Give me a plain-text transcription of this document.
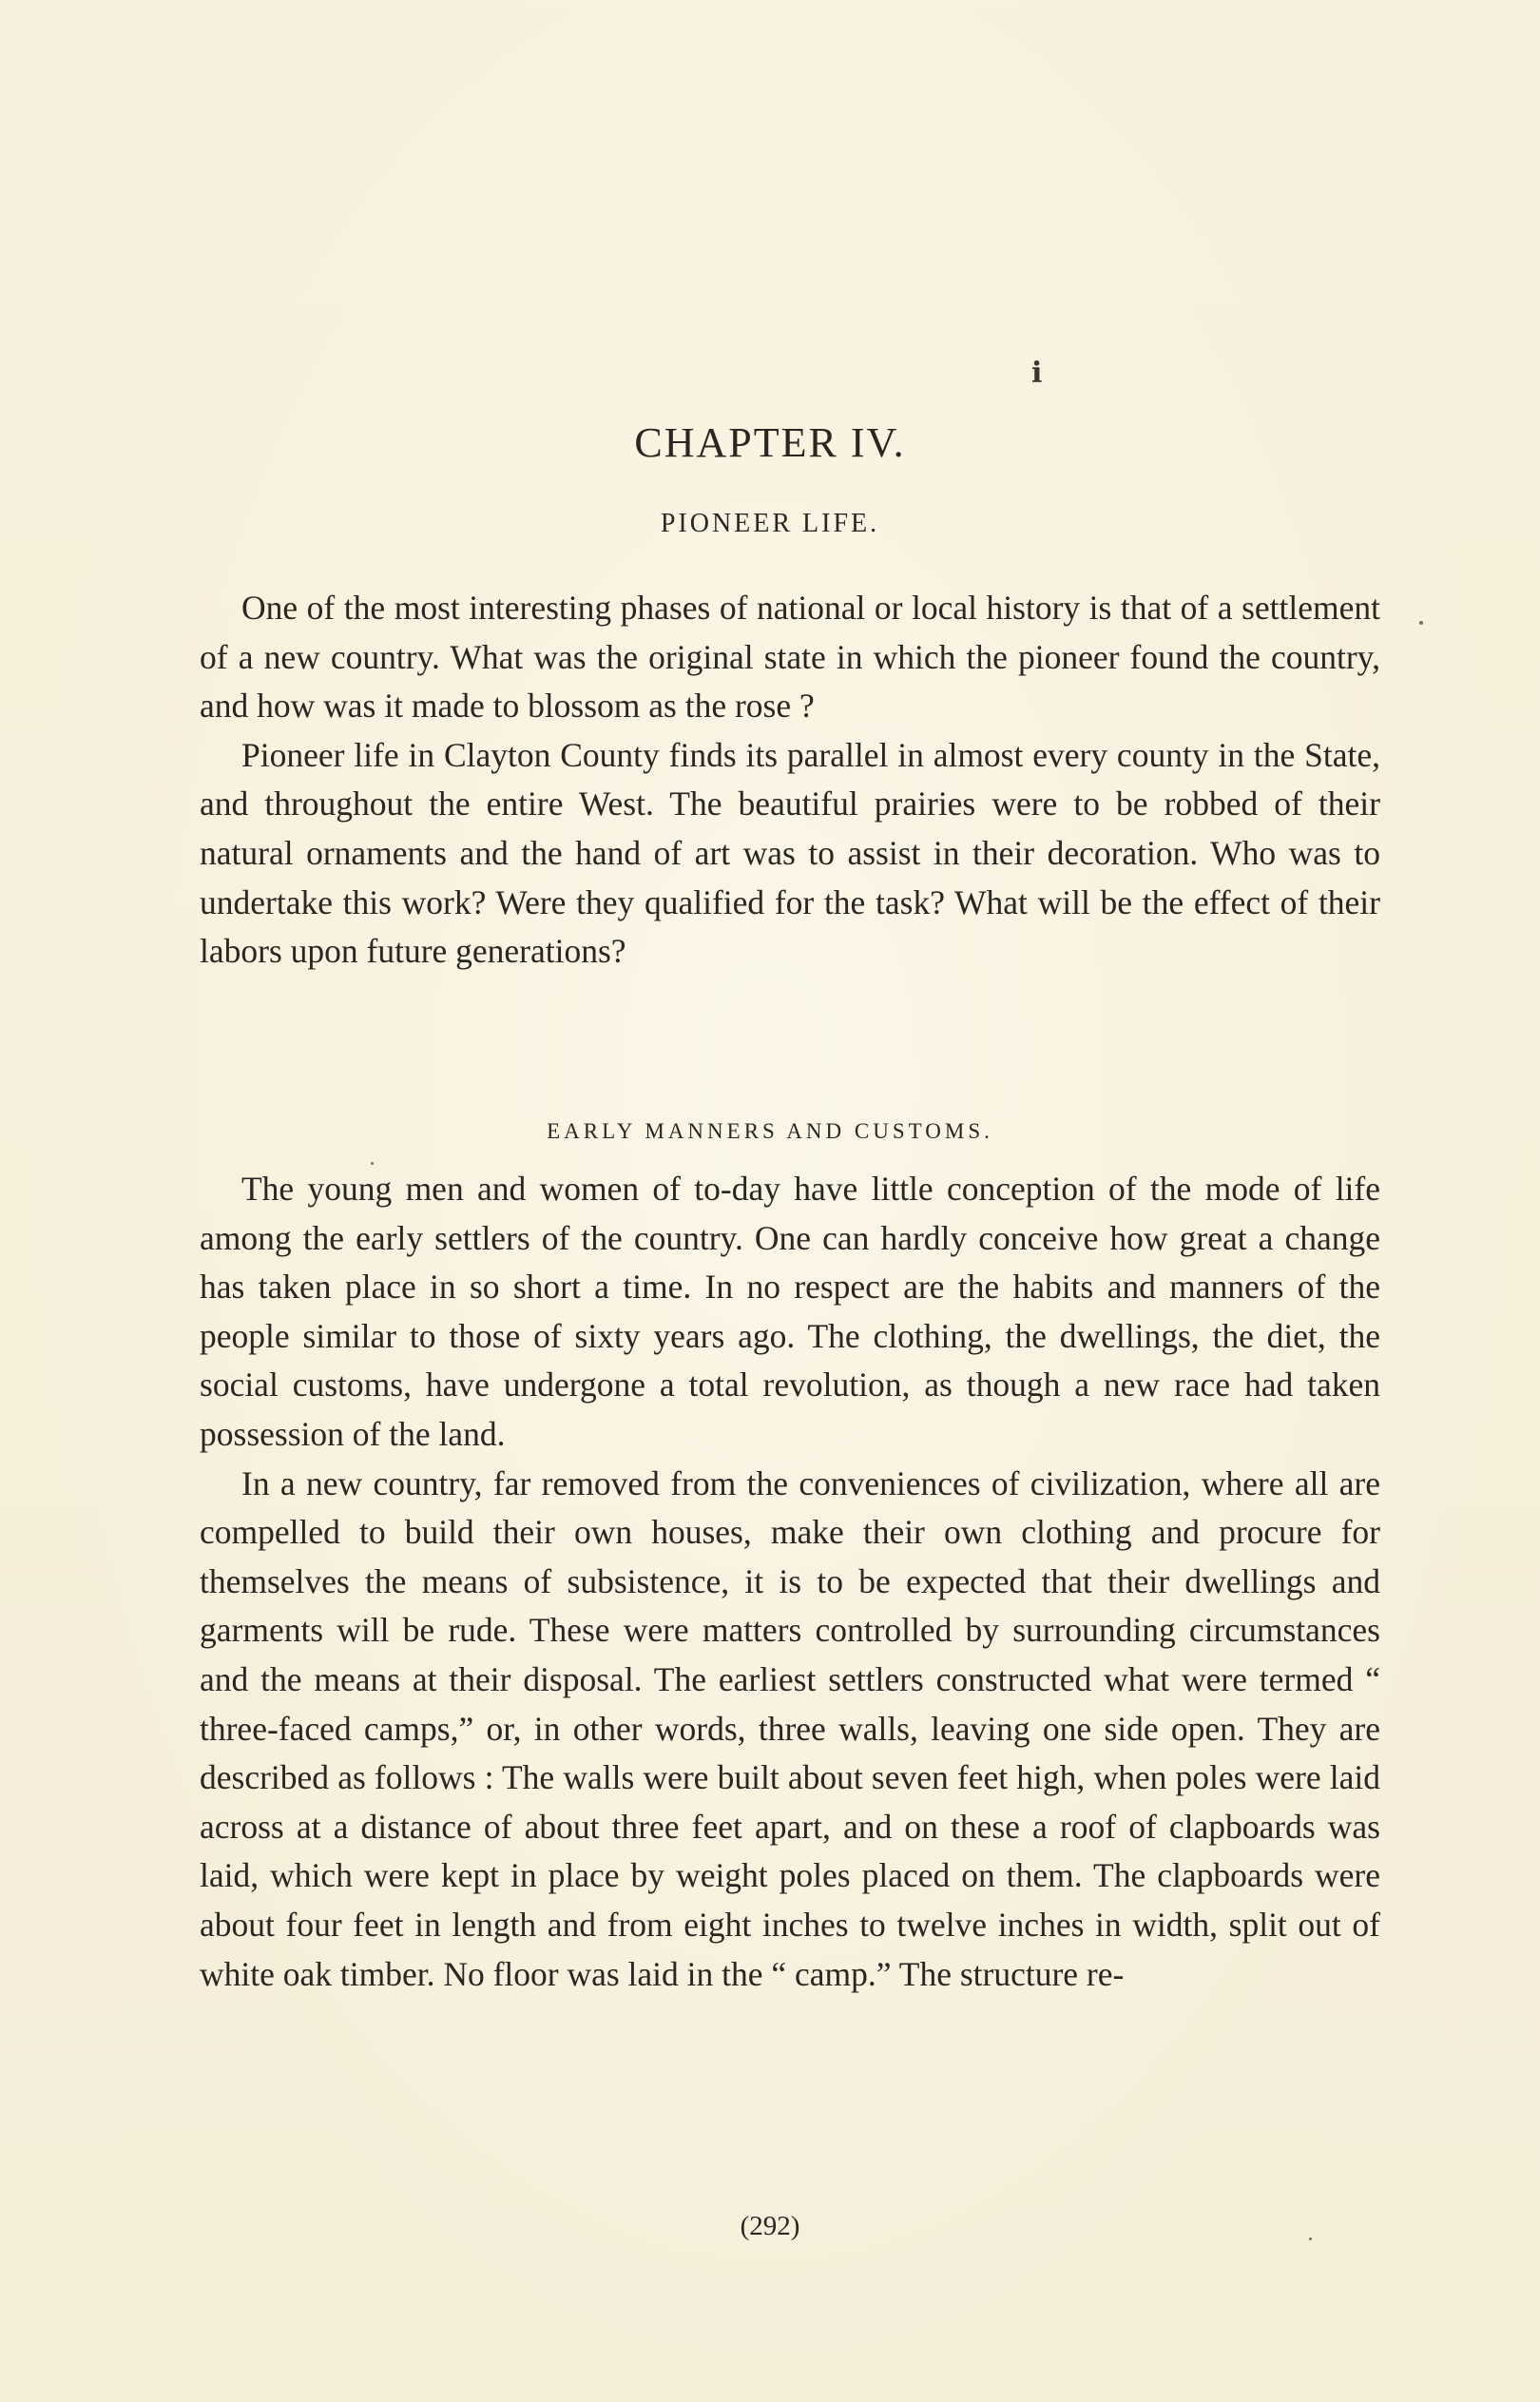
i
CHAPTER IV.
PIONEER LIFE.

One of the most interesting phases of national or local history is that of a settlement of a new country. What was the original state in which the pioneer found the country, and how was it made to blossom as the rose ?

Pioneer life in Clayton County finds its parallel in almost every county in the State, and throughout the entire West. The beautiful prairies were to be robbed of their natural ornaments and the hand of art was to assist in their decoration. Who was to undertake this work? Were they qualified for the task? What will be the effect of their labors upon future generations?

EARLY MANNERS AND CUSTOMS.

The young men and women of to-day have little conception of the mode of life among the early settlers of the country. One can hardly conceive how great a change has taken place in so short a time. In no respect are the habits and manners of the people similar to those of sixty years ago. The clothing, the dwellings, the diet, the social customs, have undergone a total revolution, as though a new race had taken possession of the land.

In a new country, far removed from the conveniences of civilization, where all are compelled to build their own houses, make their own clothing and procure for themselves the means of subsistence, it is to be expected that their dwellings and garments will be rude. These were matters controlled by surrounding circumstances and the means at their disposal. The earliest settlers constructed what were termed “ three-faced camps,” or, in other words, three walls, leaving one side open. They are described as follows : The walls were built about seven feet high, when poles were laid across at a distance of about three feet apart, and on these a roof of clapboards was laid, which were kept in place by weight poles placed on them. The clapboards were about four feet in length and from eight inches to twelve inches in width, split out of white oak timber. No floor was laid in the “ camp.” The structure re-

(292)
